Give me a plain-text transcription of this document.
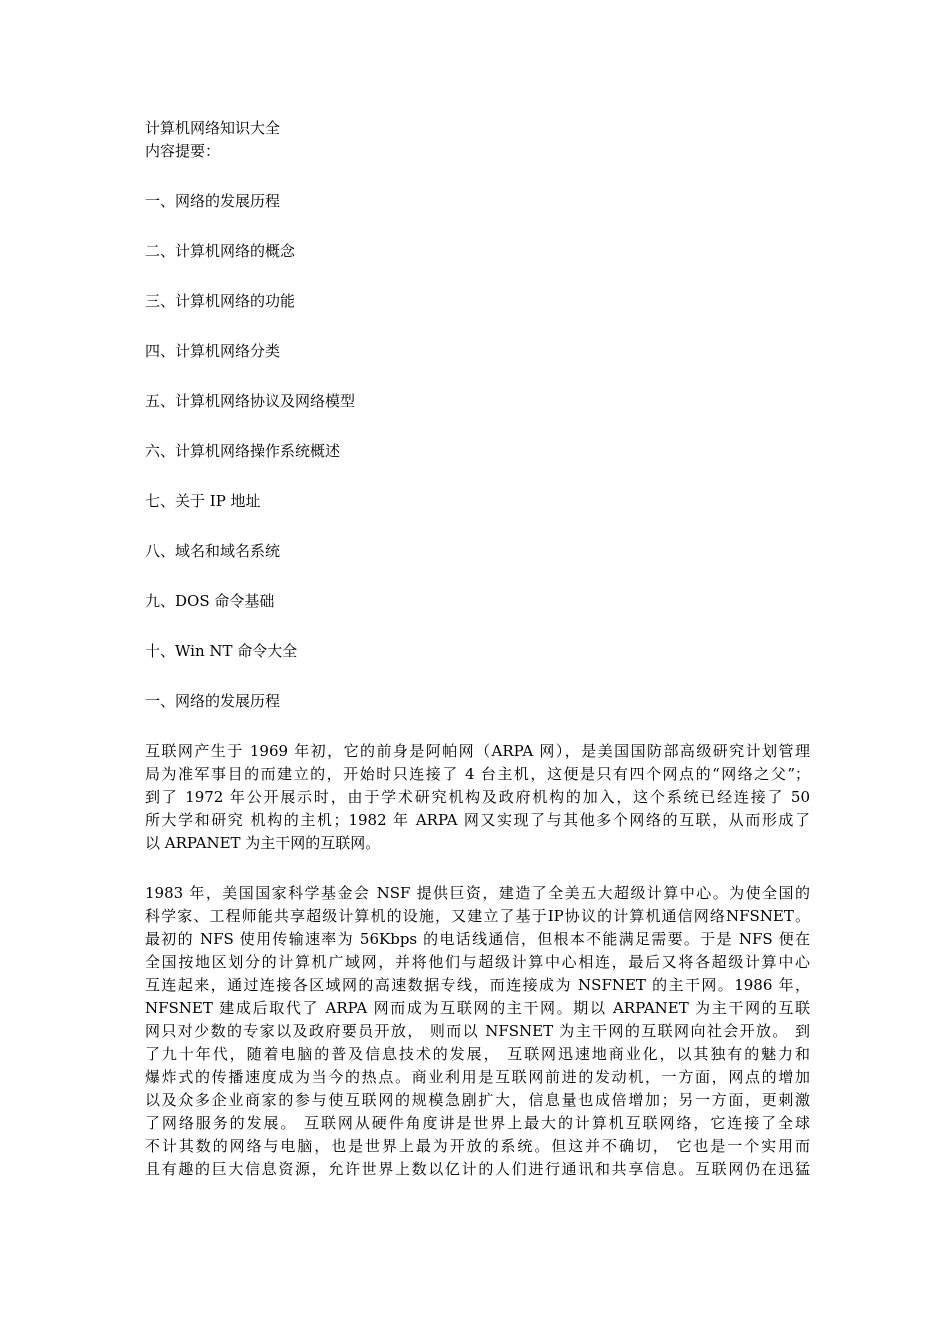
计算机网络知识大全
内容提要：
一、网络的发展历程
二、计算机网络的概念
三、计算机网络的功能
四、计算机网络分类
五、计算机网络协议及网络模型
六、计算机网络操作系统概述
七、关于 IP 地址
八、域名和域名系统
九、DOS 命令基础
十、Win NT 命令大全
一、网络的发展历程
互联网产生于 1969 年初，它的前身是阿帕网（ARPA 网），是美国国防部高级研究计划管理
局为准军事目的而建立的，开始时只连接了 4 台主机，这便是只有四个网点的“网络之父”；
到了 1972 年公开展示时，由于学术研究机构及政府机构的加入，这个系统已经连接了 50
所大学和研究 机构的主机；1982 年 ARPA 网又实现了与其他多个网络的互联，从而形成了
以 ARPANET 为主干网的互联网。
1983 年，美国国家科学基金会 NSF 提供巨资，建造了全美五大超级计算中心。为使全国的
科学家、工程师能共享超级计算机的设施，又建立了基于IP协议的计算机通信网络NFSNET。
最初的 NFS 使用传输速率为 56Kbps 的电话线通信，但根本不能满足需要。于是 NFS 便在
全国按地区划分的计算机广域网，并将他们与超级计算中心相连，最后又将各超级计算中心
互连起来，通过连接各区域网的高速数据专线，而连接成为 NSFNET 的主干网。1986 年，
NFSNET 建成后取代了 ARPA 网而成为互联网的主干网。期以 ARPANET 为主干网的互联
网只对少数的专家以及政府要员开放， 则而以 NFSNET 为主干网的互联网向社会开放。 到
了九十年代，随着电脑的普及信息技术的发展， 互联网迅速地商业化，以其独有的魅力和
爆炸式的传播速度成为当今的热点。商业利用是互联网前进的发动机，一方面，网点的增加
以及众多企业商家的参与使互联网的规模急剧扩大，信息量也成倍增加；另一方面，更刺激
了网络服务的发展。 互联网从硬件角度讲是世界上最大的计算机互联网络，它连接了全球
不计其数的网络与电脑，也是世界上最为开放的系统。但这并不确切， 它也是一个实用而
且有趣的巨大信息资源，允许世界上数以亿计的人们进行通讯和共享信息。互联网仍在迅猛
